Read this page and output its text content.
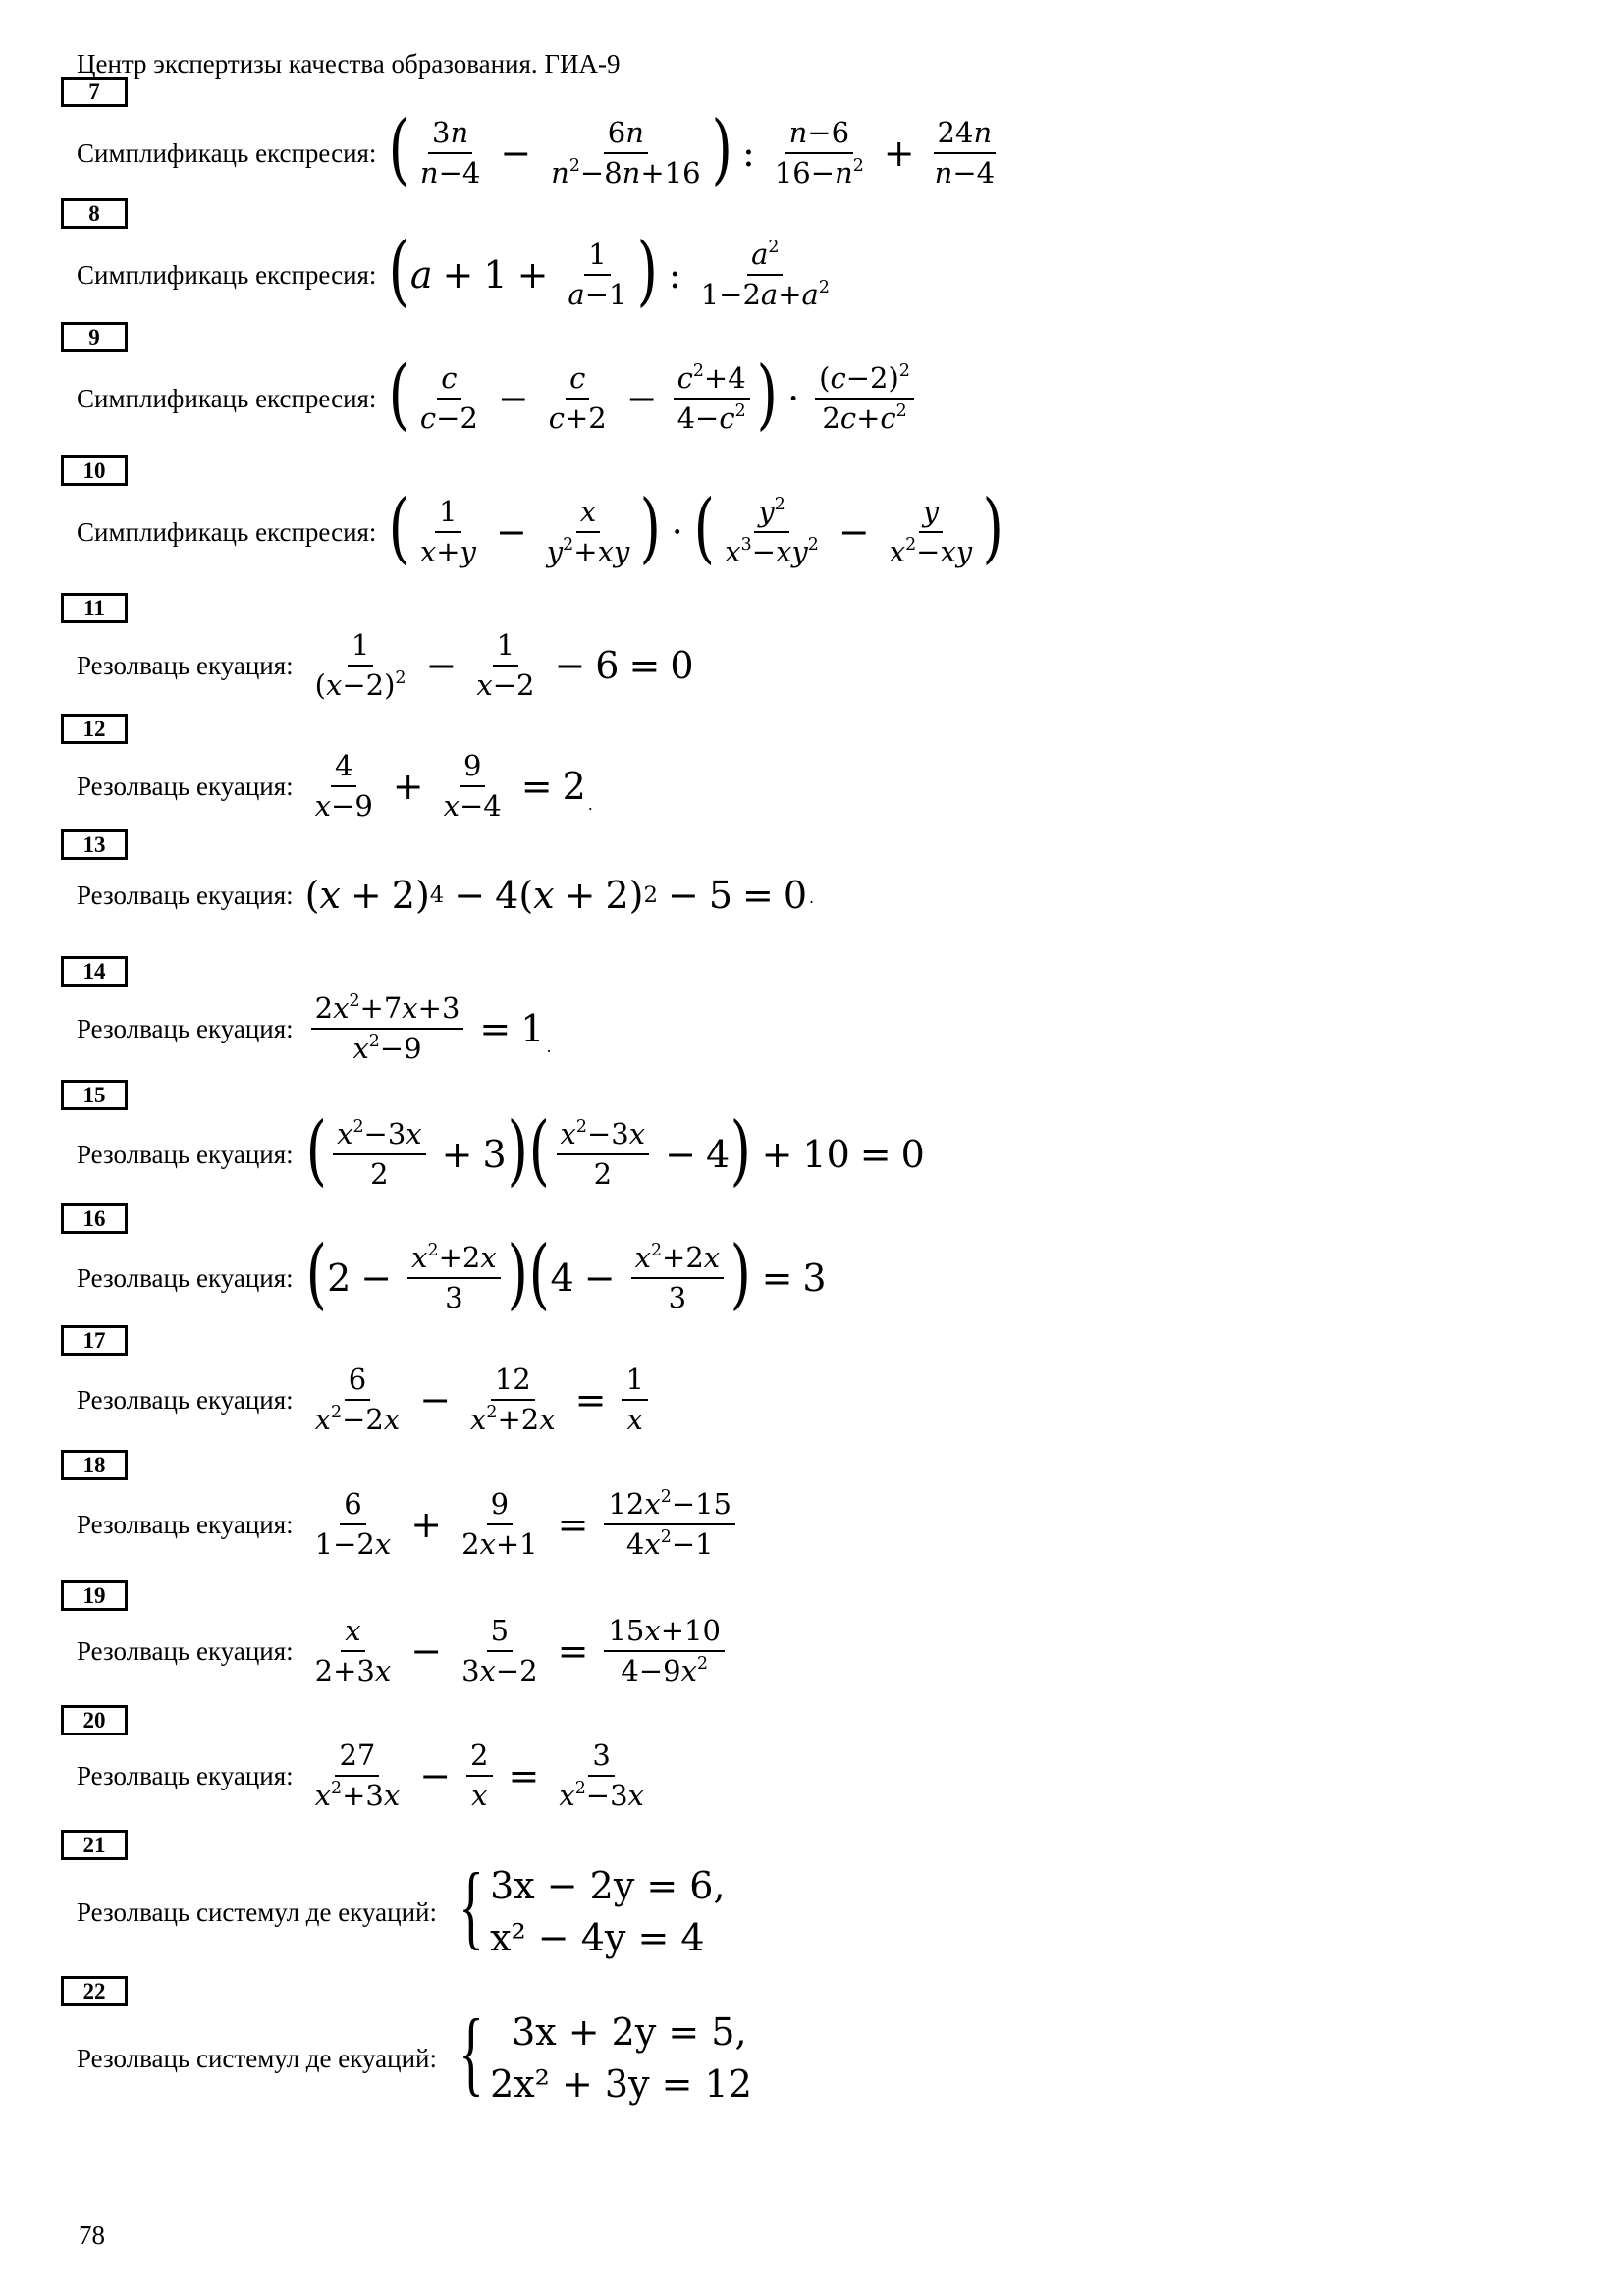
Центр экспертизы качества образования. ГИА-9
7
Симплификаць експресия: ( $\frac{3n}{n-4} - \frac{6n}{n^2-8n+16}$ ) : $\frac{n-6}{16-n^2} + \frac{24n}{n-4}$
8
Симплификаць експресия: ( $a + 1 + \frac{1}{a-1}$ ) : $\frac{a^2}{1-2a+a^2}$
9
Симплификаць експресия: ( $\frac{c}{c-2} - \frac{c}{c+2} - \frac{c^2+4}{4-c^2}$ ) · $\frac{(c-2)^2}{2c+c^2}$
10
Симплификаць експресия: ( $\frac{1}{x+y} - \frac{x}{y^2+xy}$ ) · ( $\frac{y^2}{x^3-xy^2} - \frac{y}{x^2-xy}$ )
11
Резолваць екуация: $\frac{1}{(x-2)^2} - \frac{1}{x-2} - 6 = 0$
12
Резолваць екуация: $\frac{4}{x-9} + \frac{9}{x-4} = 2$ .
13
Резолваць екуация: ( x + 2) 4 − 4( x + 2) 2 − 5 = 0 .
14
Резолваць екуация: $\frac{2x^2+7x+3}{x^2-9} = 1$ .
15
Резолваць екуация: ( $\frac{x^2-3x}{2} + 3$ ) ( $\frac{x^2-3x}{2} - 4$ ) + 10 = 0
16
Резолваць екуация: ( $2 - \frac{x^2+2x}{3}$ ) ( $4 - \frac{x^2+2x}{3}$ ) = 3
17
Резолваць екуация: $\frac{6}{x^2-2x} - \frac{12}{x^2+2x} = \frac{1}{x}$
18
Резолваць екуация: $\frac{6}{1-2x} + \frac{9}{2x+1} = \frac{12x^2-15}{4x^2-1}$
19
Резолваць екуация: $\frac{x}{2+3x} - \frac{5}{3x-2} = \frac{15x+10}{4-9x^2}$
20
Резолваць екуация: $\frac{27}{x^2+3x} - \frac{2}{x} = \frac{3}{x^2-3x}$
21
Резолваць системул де екуаций: { 3x − 2y = 6,
x² − 4y = 4
22
Резолваць системул де екуаций: { 3x + 2y = 5,
2x² + 3y = 12
78
